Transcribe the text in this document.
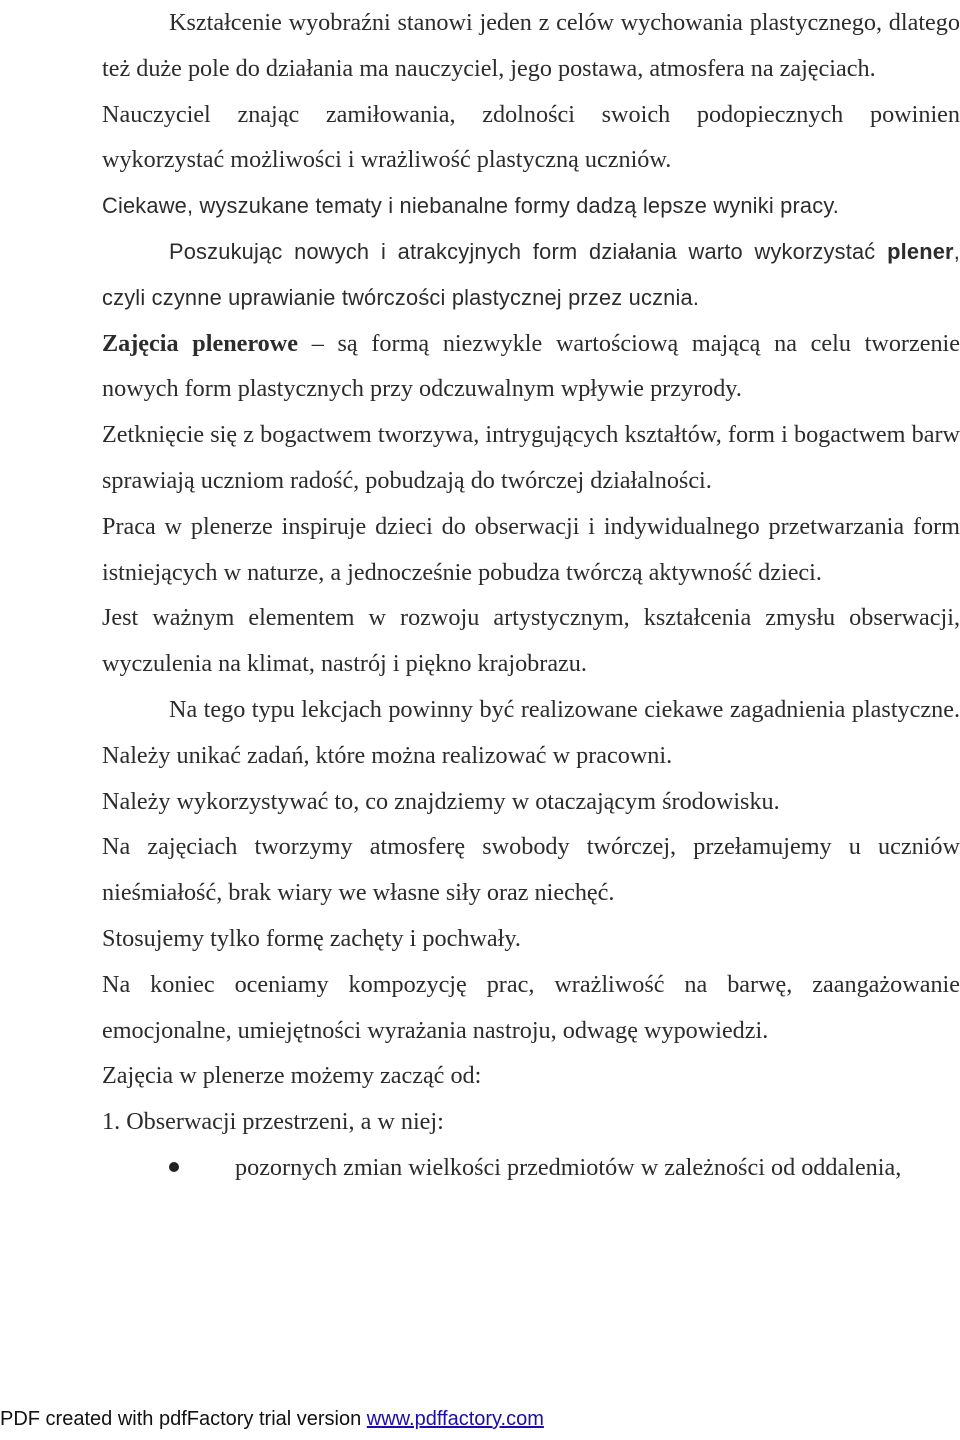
Kształcenie wyobraźni stanowi jeden z celów wychowania plastycznego, dlatego też duże pole do działania ma nauczyciel, jego postawa, atmosfera na zajęciach.

Nauczyciel znając zamiłowania, zdolności swoich podopiecznych powinien wykorzystać możliwości i wrażliwość plastyczną uczniów.

Ciekawe, wyszukane tematy i niebanalne formy dadzą lepsze wyniki pracy.

Poszukując nowych i atrakcyjnych form działania warto wykorzystać plener, czyli czynne uprawianie twórczości plastycznej przez ucznia.

Zajęcia plenerowe – są formą niezwykle wartościową mającą na celu tworzenie nowych form plastycznych przy odczuwalnym wpływie przyrody.

Zetknięcie się z bogactwem tworzywa, intrygujących kształtów, form i bogactwem barw sprawiają uczniom radość, pobudzają do twórczej działalności.

Praca w plenerze inspiruje dzieci do obserwacji i indywidualnego przetwarzania form istniejących w naturze, a jednocześnie pobudza twórczą aktywność dzieci.

Jest ważnym elementem w rozwoju artystycznym, kształcenia zmysłu obserwacji, wyczulenia na klimat, nastrój i piękno krajobrazu.

Na tego typu lekcjach powinny być realizowane ciekawe zagadnienia plastyczne. Należy unikać zadań, które można realizować w pracowni.

Należy wykorzystywać to, co znajdziemy w otaczającym środowisku.

Na zajęciach tworzymy atmosferę swobody twórczej, przełamujemy u uczniów nieśmiałość, brak wiary we własne siły oraz niechęć.

Stosujemy tylko formę zachęty i pochwały.

Na koniec oceniamy kompozycję prac, wrażliwość na barwę, zaangażowanie emocjonalne, umiejętności wyrażania nastroju, odwagę wypowiedzi.

Zajęcia w plenerze możemy zacząć od:

1. Obserwacji przestrzeni, a w niej:

pozornych zmian wielkości przedmiotów w zależności od oddalenia,
PDF created with pdfFactory trial version www.pdffactory.com
